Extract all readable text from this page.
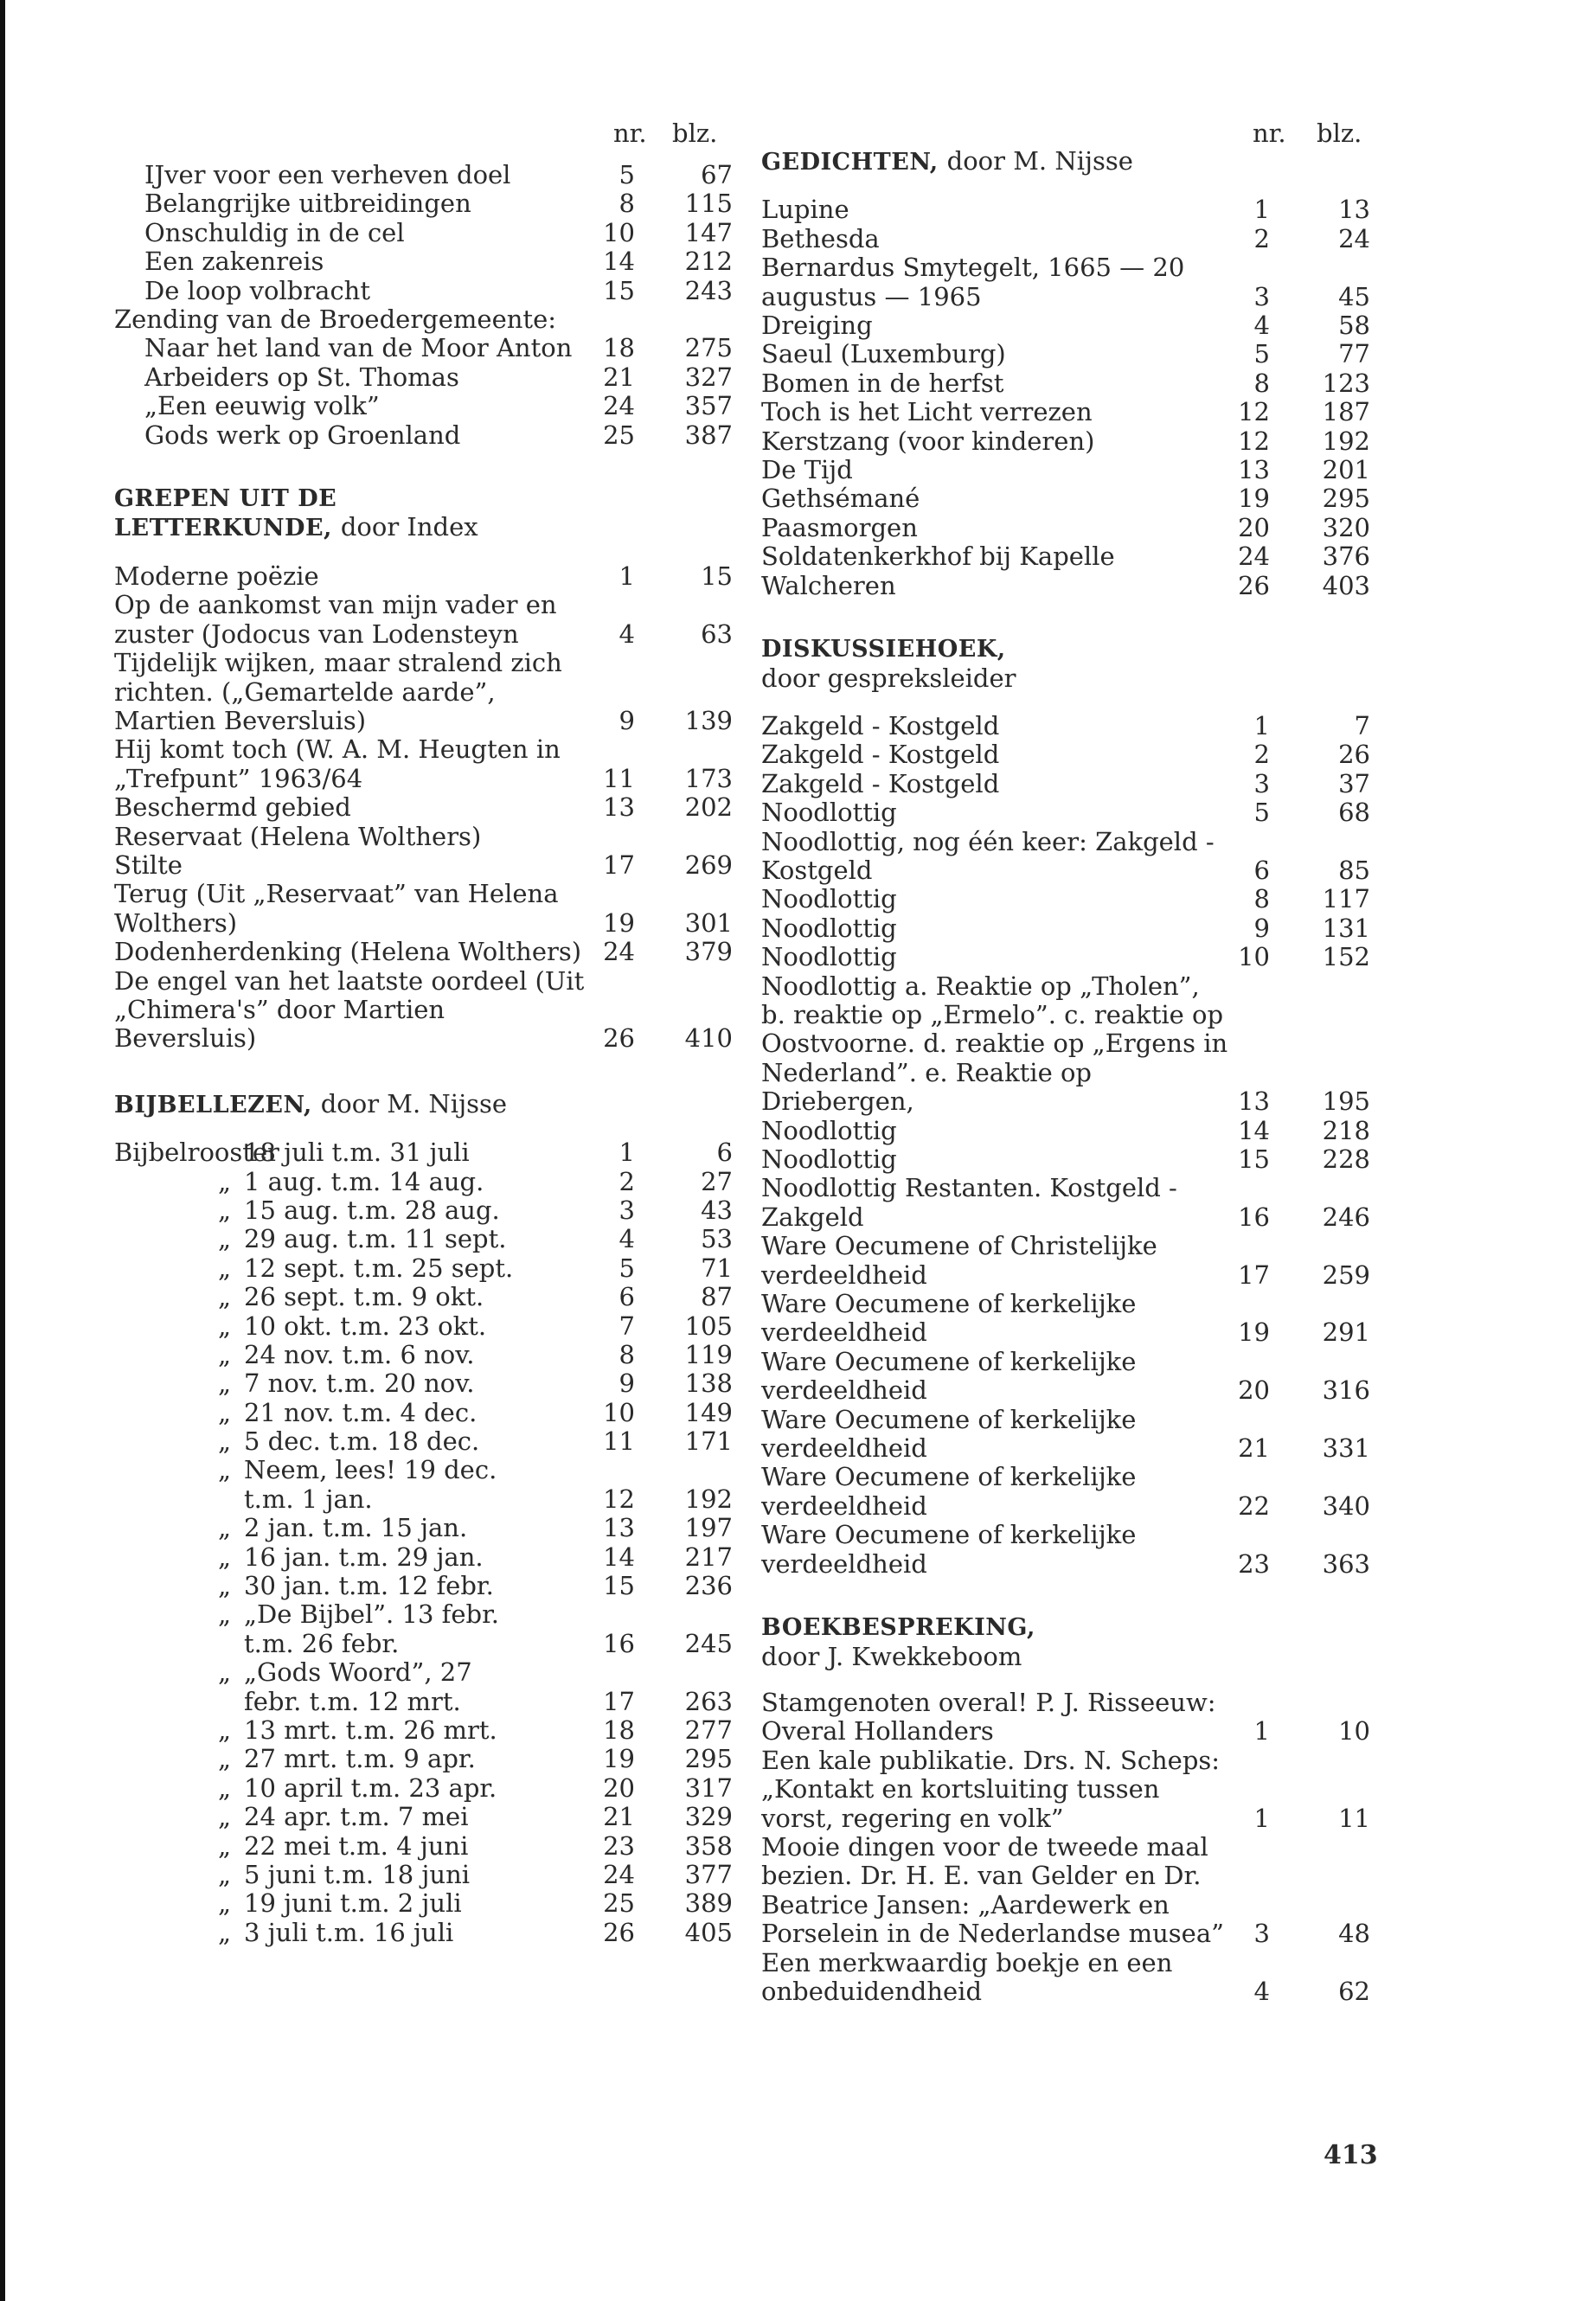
nr. blz.
IJver voor een verheven doel	5	67
Belangrijke uitbreidingen	8	115
Onschuldig in de cel	10	147
Een zakenreis	14	212
De loop volbracht	15	243
Zending van de Broedergemeente:
Naar het land van de Moor Anton	18	275
Arbeiders op St. Thomas	21	327
„Een eeuwig volk”	24	357
Gods werk op Groenland	25	387

GREPEN UIT DE

LETTERKUNDE, door Index

Moderne poëzie	1	15
Op de aankomst van mijn vader en zuster (Jodocus van Lodensteyn	4	63
Tijdelijk wijken, maar stralend zich richten. („Gemartelde aarde”, Martien Beversluis)	9	139
Hij komt toch (W. A. M. Heugten in „Trefpunt” 1963/64	11	173
Beschermd gebied	13	202
Reservaat (Helena Wolthers)
Stilte	17	269
Terug (Uit „Reservaat” van Helena Wolthers)	19	301
Dodenherdenking (Helena Wolthers) 24	379
De engel van het laatste oordeel (Uit „Chimera's” door Martien Beversluis)	26	410

BIJBELLEZEN, door M. Nijsse

Bijbelrooster
18 juli t.m. 31 juli	1	6
„ 1 aug. t.m. 14 aug.	2	27
„ 15 aug. t.m. 28 aug.	3	43
„ 29 aug. t.m. 11 sept.	4	53
„ 12 sept. t.m. 25 sept.	5	71
„ 26 sept. t.m. 9 okt.	6	87
„ 10 okt. t.m. 23 okt.	7	105
„ 24 nov. t.m. 6 nov.	8	119
„ 7 nov. t.m. 20 nov.	9	138
„ 21 nov. t.m. 4 dec.	10	149
„ 5 dec. t.m. 18 dec.	11	171
„ Neem, lees! 19 dec.
t.m. 1 jan.	12	192
„ 2 jan. t.m. 15 jan.	13	197
„ 16 jan. t.m. 29 jan.	14	217
„ 30 jan. t.m. 12 febr.	15	236
„ „De Bijbel”. 13 febr.
t.m. 26 febr.	16	245
„ „Gods Woord”, 27
febr. t.m. 12 mrt.	17	263
„ 13 mrt. t.m. 26 mrt.	18	277
„ 27 mrt. t.m. 9 apr.	19	295
„ 10 april t.m. 23 apr.	20	317
„ 24 apr. t.m. 7 mei	21	329
„ 22 mei t.m. 4 juni	23	358
„ 5 juni t.m. 18 juni	24	377
„ 19 juni t.m. 2 juli	25	389
„ 3 juli t.m. 16 juli	26	405
nr. blz.

GEDICHTEN, door M. Nijsse

Lupine	1	13
Bethesda	2	24
Bernardus Smytegelt, 1665 — 20 augustus — 1965	3	45
Dreiging	4	58
Saeul (Luxemburg)	5	77
Bomen in de herfst	8	123
Toch is het Licht verrezen	12	187
Kerstzang (voor kinderen)	12	192
De Tijd	13	201
Gethsémané	19	295
Paasmorgen	20	320
Soldatenkerkhof bij Kapelle	24	376
Walcheren	26	403

DISKUSSIEHOEK,

door gespreksleider

Zakgeld - Kostgeld	1	7
Zakgeld - Kostgeld	2	26
Zakgeld - Kostgeld	3	37
Noodlottig	5	68
Noodlottig, nog één keer: Zakgeld - Kostgeld	6	85
Noodlottig	8	117
Noodlottig	9	131
Noodlottig	10	152
Noodlottig a. Reaktie op „Tholen”, b. reaktie op „Ermelo”. c. reaktie op Oostvoorne. d. reaktie op „Ergens in Nederland”. e. Reaktie op Driebergen,	13	195
Noodlottig	14	218
Noodlottig	15	228
Noodlottig Restanten. Kostgeld - Zakgeld	16	246
Ware Oecumene of Christelijke verdeeldheid	17	259
Ware Oecumene of kerkelijke verdeeldheid	19	291
Ware Oecumene of kerkelijke verdeeldheid	20	316
Ware Oecumene of kerkelijke verdeeldheid	21	331
Ware Oecumene of kerkelijke verdeeldheid	22	340
Ware Oecumene of kerkelijke verdeeldheid	23	363

BOEKBESPREKING,

door J. Kwekkeboom

Stamgenoten overal! P. J. Risseeuw: Overal Hollanders	1	10
Een kale publikatie. Drs. N. Scheps: „Kontakt en kortsluiting tussen vorst, regering en volk”	1	11
Mooie dingen voor de tweede maal bezien. Dr. H. E. van Gelder en Dr. Beatrice Jansen: „Aardewerk en Porselein in de Nederlandse musea”	3	48
Een merkwaardig boekje en een onbeduidendheid	4	62
413
